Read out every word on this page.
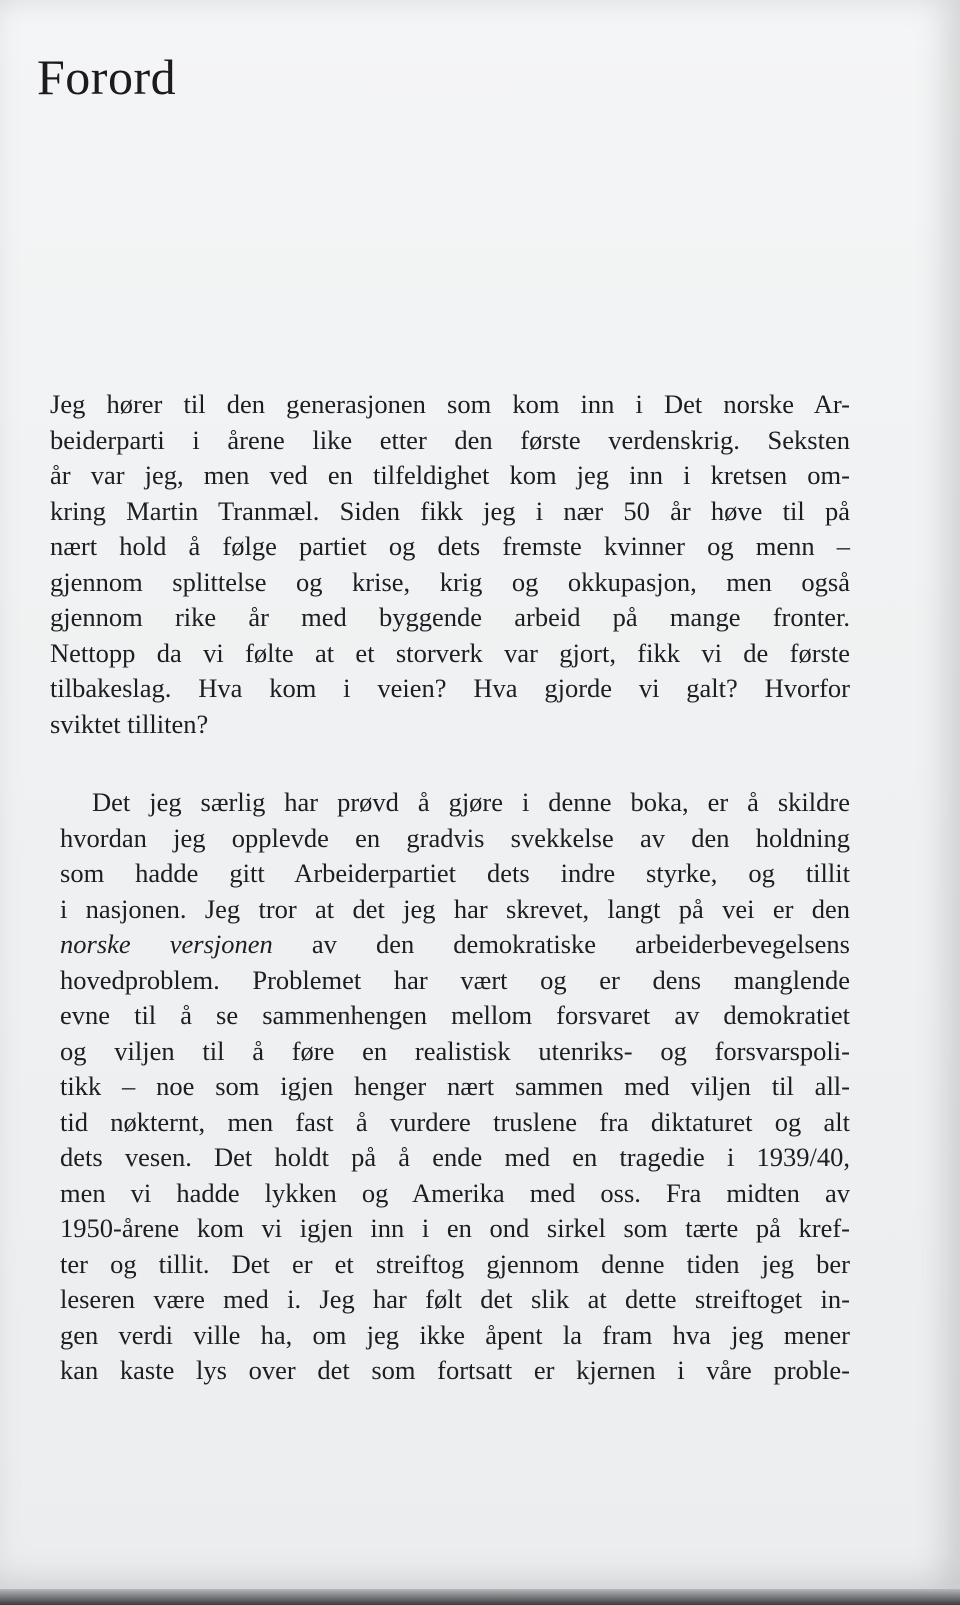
Forord
Jeg hører til den generasjonen som kom inn i Det norske Ar-
beiderparti i årene like etter den første verdenskrig. Seksten
år var jeg, men ved en tilfeldighet kom jeg inn i kretsen om-
kring Martin Tranmæl. Siden fikk jeg i nær 50 år høve til på
nært hold å følge partiet og dets fremste kvinner og menn –
gjennom splittelse og krise, krig og okkupasjon, men også
gjennom rike år med byggende arbeid på mange fronter.
Nettopp da vi følte at et storverk var gjort, fikk vi de første
tilbakeslag. Hva kom i veien? Hva gjorde vi galt? Hvorfor
sviktet tilliten?
Det jeg særlig har prøvd å gjøre i denne boka, er å skildre
hvordan jeg opplevde en gradvis svekkelse av den holdning
som hadde gitt Arbeiderpartiet dets indre styrke, og tillit
i nasjonen. Jeg tror at det jeg har skrevet, langt på vei er den
norske versjonen av den demokratiske arbeiderbevegelsens
hovedproblem. Problemet har vært og er dens manglende
evne til å se sammenhengen mellom forsvaret av demokratiet
og viljen til å føre en realistisk utenriks- og forsvarspoli-
tikk – noe som igjen henger nært sammen med viljen til all-
tid nøkternt, men fast å vurdere truslene fra diktaturet og alt
dets vesen. Det holdt på å ende med en tragedie i 1939/40,
men vi hadde lykken og Amerika med oss. Fra midten av
1950-årene kom vi igjen inn i en ond sirkel som tærte på kref-
ter og tillit. Det er et streiftog gjennom denne tiden jeg ber
leseren være med i. Jeg har følt det slik at dette streiftoget in-
gen verdi ville ha, om jeg ikke åpent la fram hva jeg mener
kan kaste lys over det som fortsatt er kjernen i våre proble-
